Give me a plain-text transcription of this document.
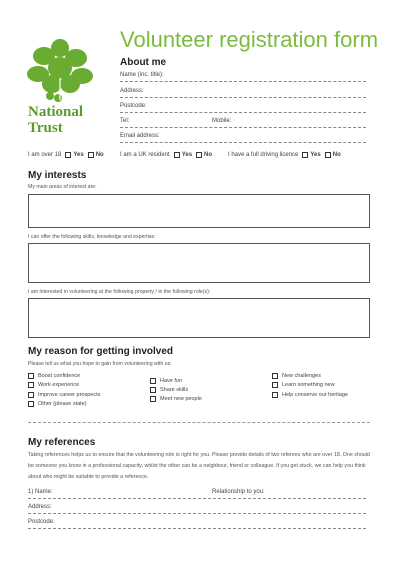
National
Trust
Volunteer registration form
About me
Name (inc. title):
Address:
Postcode:
Tel:	Mobile:
Email address:
I am over 18 Yes No	I am a UK resident Yes No	I have a full driving licence Yes No
My interests
My main areas of interest are:
I can offer the following skills, knowledge and expertise:
I am interested in volunteering at the following property / in the following role(s):
My reason for getting involved
Please tell us what you hope to gain from volunteering with us:
Boost confidence
Work experience
Improve career prospects
Other (please state)
Have fun
Share skills
Meet new people
New challenges
Learn something new
Help conserve our heritage
My references
Taking references helps us to ensure that the volunteering role is right for you. Please provide details of two referees who are over 18. One should be someone you know in a professional capacity, whilst the other can be a neighbour, friend or colleague. If you get stuck, we can help you think about who might be suitable to provide a reference.
1) Name:	Relationship to you:
Address:
Postcode:
